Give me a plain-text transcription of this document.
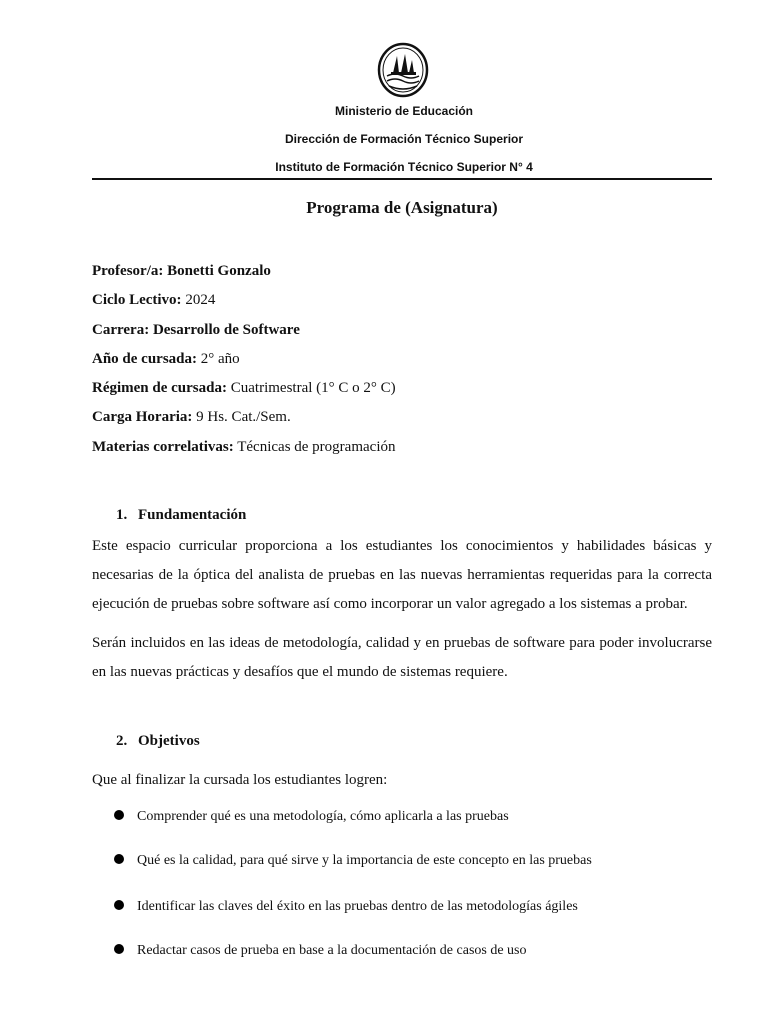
Ministerio de Educación
Dirección de Formación Técnico Superior
Instituto de Formación Técnico Superior N° 4
Programa de (Asignatura)
Profesor/a: Bonetti Gonzalo
Ciclo Lectivo: 2024
Carrera: Desarrollo de Software
Año de cursada: 2° año
Régimen de cursada: Cuatrimestral (1° C o 2° C)
Carga Horaria: 9 Hs. Cat./Sem.
Materias correlativas: Técnicas de programación
1. Fundamentación

Este espacio curricular proporciona a los estudiantes los conocimientos y habilidades básicas y necesarias de la óptica del analista de pruebas en las nuevas herramientas requeridas para la correcta ejecución de pruebas sobre software así como incorporar un valor agregado a los sistemas a probar.

Serán incluidos en las ideas de metodología, calidad y en pruebas de software para poder involucrarse en las nuevas prácticas y desafíos que el mundo de sistemas requiere.

2. Objetivos
Que al finalizar la cursada los estudiantes logren:
Comprender qué es una metodología, cómo aplicarla a las pruebas
Qué es la calidad, para qué sirve y la importancia de este concepto en las pruebas
Identificar las claves del éxito en las pruebas dentro de las metodologías ágiles
Redactar casos de prueba en base a la documentación de casos de uso
